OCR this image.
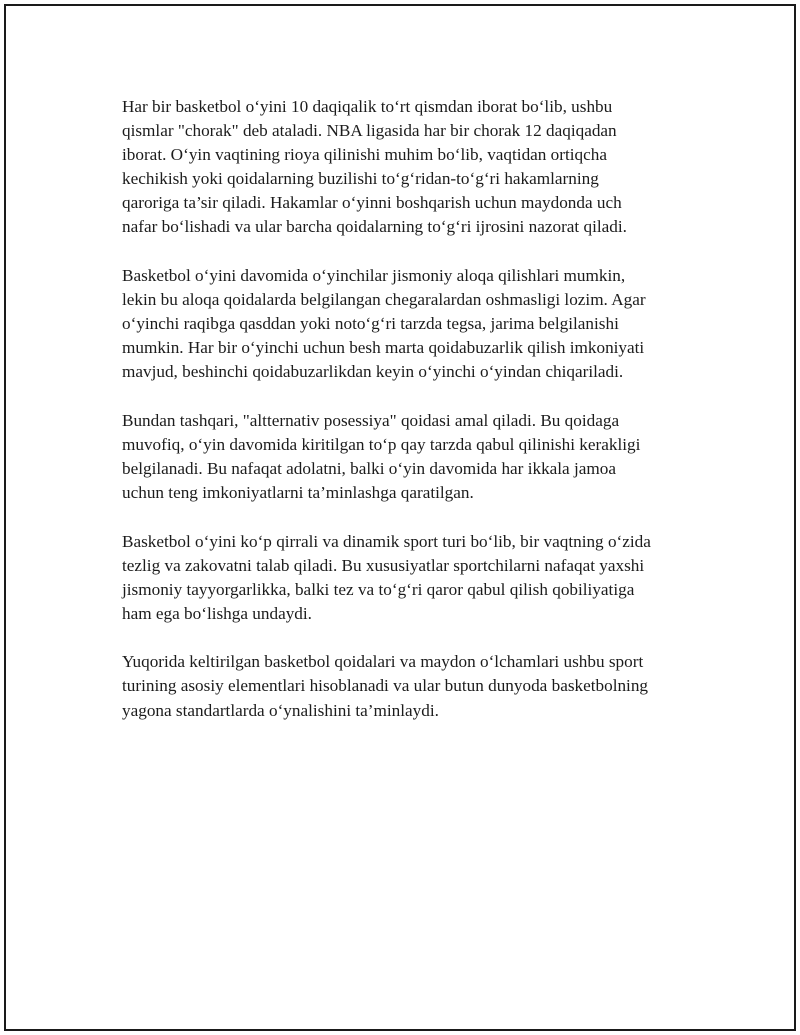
Har bir basketbol o‘yini 10 daqiqalik to‘rt qismdan iborat bo‘lib, ushbu
qismlar "chorak" deb ataladi. NBA ligasida har bir chorak 12 daqiqadan
iborat. O‘yin vaqtining rioya qilinishi muhim bo‘lib, vaqtidan ortiqcha
kechikish yoki qoidalarning buzilishi to‘g‘ridan-to‘g‘ri hakamlarning
qaroriga ta’sir qiladi. Hakamlar o‘yinni boshqarish uchun maydonda uch
nafar bo‘lishadi va ular barcha qoidalarning to‘g‘ri ijrosini nazorat qiladi.

Basketbol o‘yini davomida o‘yinchilar jismoniy aloqa qilishlari mumkin,
lekin bu aloqa qoidalarda belgilangan chegaralardan oshmasligi lozim. Agar
o‘yinchi raqibga qasddan yoki noto‘g‘ri tarzda tegsa, jarima belgilanishi
mumkin. Har bir o‘yinchi uchun besh marta qoidabuzarlik qilish imkoniyati
mavjud, beshinchi qoidabuzarlikdan keyin o‘yinchi o‘yindan chiqariladi.

Bundan tashqari, "altternativ posessiya" qoidasi amal qiladi. Bu qoidaga
muvofiq, o‘yin davomida kiritilgan to‘p qay tarzda qabul qilinishi kerakligi
belgilanadi. Bu nafaqat adolatni, balki o‘yin davomida har ikkala jamoa
uchun teng imkoniyatlarni ta’minlashga qaratilgan.

Basketbol o‘yini ko‘p qirrali va dinamik sport turi bo‘lib, bir vaqtning o‘zida
tezlig va zakovatni talab qiladi. Bu xususiyatlar sportchilarni nafaqat yaxshi
jismoniy tayyorgarlikka, balki tez va to‘g‘ri qaror qabul qilish qobiliyatiga
ham ega bo‘lishga undaydi.

Yuqorida keltirilgan basketbol qoidalari va maydon o‘lchamlari ushbu sport
turining asosiy elementlari hisoblanadi va ular butun dunyoda basketbolning
yagona standartlarda o‘ynalishini ta’minlaydi.
